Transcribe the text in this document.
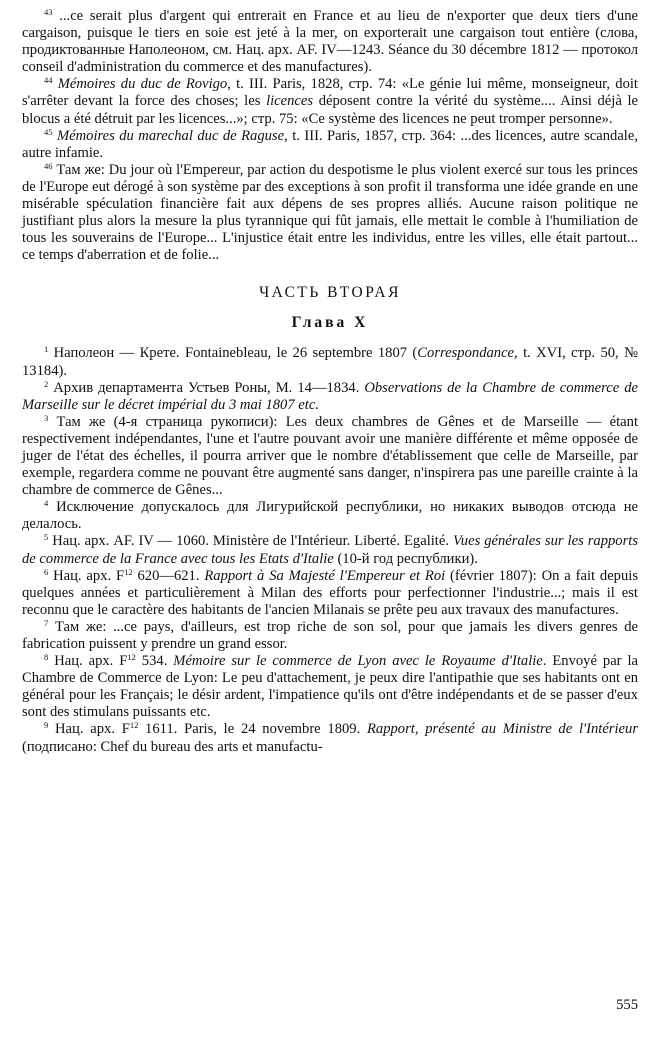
$^{43}$ ...ce serait plus d'argent qui entrerait en France et au lieu de n'exporter que deux tiers d'une cargaison, puisque le tiers en soie est jeté à la mer, on exporterait une cargaison tout entière (слова, продиктованные Наполеоном, см. Нац. арх. AF. IV—1243. Séance du 30 décembre 1812 — протокол conseil d'administration du commerce et des manufactures).

$^{44}$ Mémoires du duc de Rovigo, t. III. Paris, 1828, стр. 74: «Le génie lui même, monseigneur, doit s'arrêter devant la force des choses; les licences déposent contre la vérité du système.... Ainsi déjà le blocus a été détruit par les licences...»; стр. 75: «Ce système des licences ne peut tromper personne».

$^{45}$ Mémoires du marechal duc de Raguse, t. III. Paris, 1857, стр. 364: ...des licences, autre scandale, autre infamie.

$^{46}$ Там же: Du jour où l'Empereur, par action du despotisme le plus violent exercé sur tous les princes de l'Europe eut dérogé à son système par des exceptions à son profit il transforma une idée grande en une misérable spéculation financière fait aux dépens de ses propres alliés. Aucune raison politique ne justifiant plus alors la mesure la plus tyrannique qui fût jamais, elle mettait le comble à l'humiliation de tous les souverains de l'Europe... L'injustice était entre les individus, entre les villes, elle était partout... ce temps d'aberration et de folie...

ЧАСТЬ ВТОРАЯ
Глава X

$^1$ Наполеон — Крете. Fontainebleau, le 26 septembre 1807 (Correspondance, t. XVI, стр. 50, № 13184).

$^2$ Архив департамента Устьев Роны, M. 14—1834. Observations de la Chambre de commerce de Marseille sur le décret impérial du 3 mai 1807 etc.

$^3$ Там же (4-я страница рукописи): Les deux chambres de Gênes et de Marseille — étant respectivement indépendantes, l'une et l'autre pouvant avoir une manière différente et même opposée de juger de l'état des échelles, il pourra arriver que le nombre d'établissement que celle de Marseille, par exemple, regardera comme ne pouvant être augmenté sans danger, n'inspirera pas une pareille crainte à la chambre de commerce de Gênes...

$^4$ Исключение допускалось для Лигурийской республики, но никаких выводов отсюда не делалось.

$^5$ Нац. арх. AF. IV — 1060. Ministère de l'Intérieur. Liberté. Egalité. Vues générales sur les rapports de commerce de la France avec tous les Etats d'Italie (10-й год республики).

$^6$ Нац. арх. $F^{12}$ 620—621. Rapport à Sa Majesté l'Empereur et Roi (février 1807): On a fait depuis quelques années et particulièrement à Milan des efforts pour perfectionner l'industrie...; mais il est reconnu que le caractère des habitants de l'ancien Milanais se prête peu aux travaux des manufactures.

$^7$ Там же: ...ce pays, d'ailleurs, est trop riche de son sol, pour que jamais les divers genres de fabrication puissent y prendre un grand essor.

$^8$ Нац. арх. $F^{12}$ 534. Mémoire sur le commerce de Lyon avec le Royaume d'Italie. Envoyé par la Chambre de Commerce de Lyon: Le peu d'attachement, je peux dire l'antipathie que ses habitants ont en général pour les Français; le désir ardent, l'impatience qu'ils ont d'être indépendants et de se passer d'eux sont des stimulans puissants etc.

$^9$ Нац. арх. $F^{12}$ 1611. Paris, le 24 novembre 1809. Rapport, présenté au Ministre de l'Intérieur (подписано: Chef du bureau des arts et manufactu-

555
